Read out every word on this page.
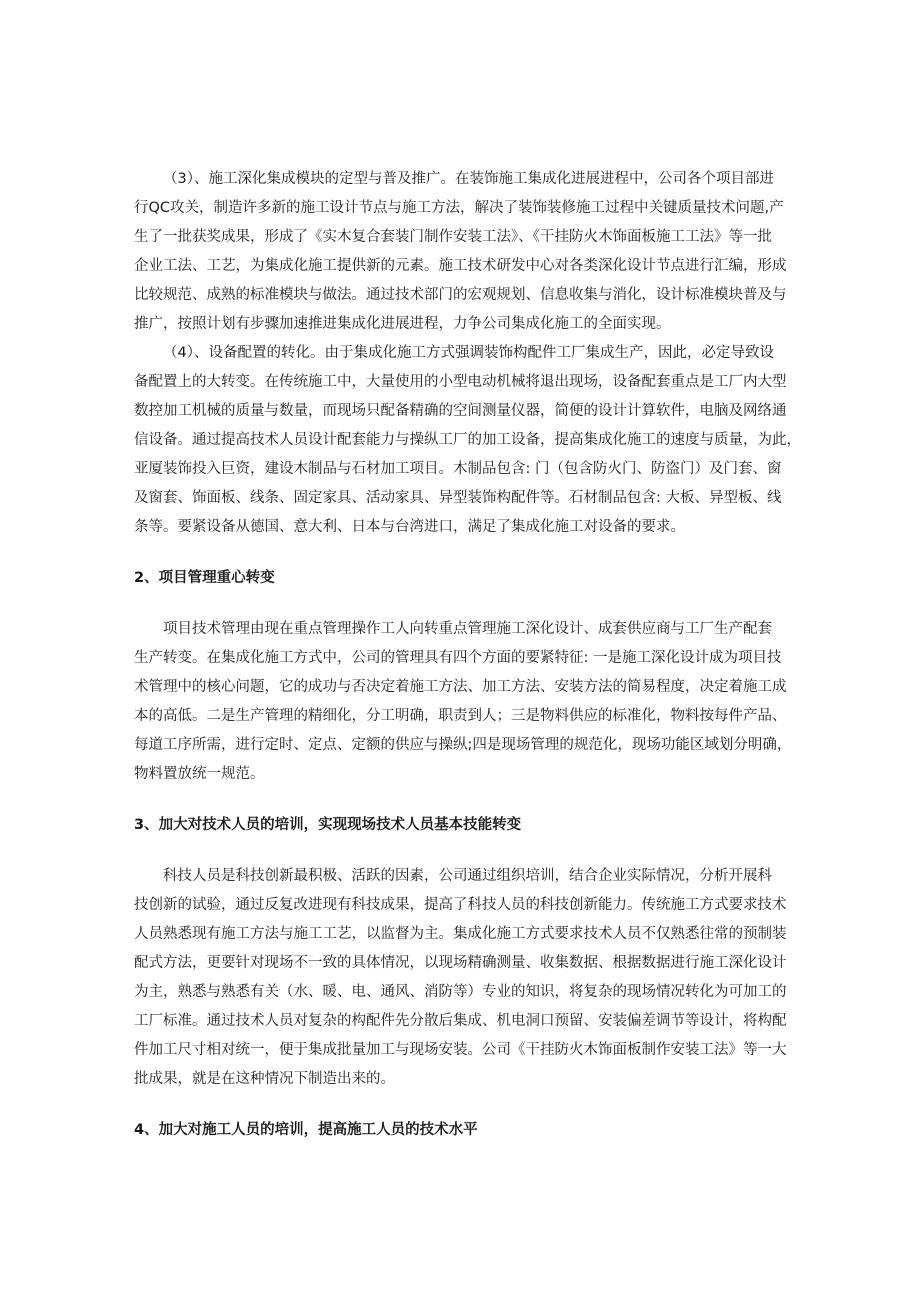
（3）、施工深化集成模块的定型与普及推广。在装饰施工集成化进展进程中，公司各个项目部进
行QC攻关，制造许多新的施工设计节点与施工方法，解决了装饰装修施工过程中关键质量技术问题,产
生了一批获奖成果，形成了《实木复合套装门制作安装工法》、《干挂防火木饰面板施工工法》等一批
企业工法、工艺，为集成化施工提供新的元素。施工技术研发中心对各类深化设计节点进行汇编，形成
比较规范、成熟的标准模块与做法。通过技术部门的宏观规划、信息收集与消化，设计标准模块普及与
推广，按照计划有步骤加速推进集成化进展进程，力争公司集成化施工的全面实现。
（4）、设备配置的转化。由于集成化施工方式强调装饰构配件工厂集成生产，因此，必定导致设
备配置上的大转变。在传统施工中，大量使用的小型电动机械将退出现场，设备配套重点是工厂内大型
数控加工机械的质量与数量，而现场只配备精确的空间测量仪器，简便的设计计算软件，电脑及网络通
信设备。通过提高技术人员设计配套能力与操纵工厂的加工设备，提高集成化施工的速度与质量，为此，
亚厦装饰投入巨资，建设木制品与石材加工项目。木制品包含: 门（包含防火门、防盗门）及门套、窗
及窗套、饰面板、线条、固定家具、活动家具、异型装饰构配件等。石材制品包含: 大板、异型板、线
条等。要紧设备从德国、意大利、日本与台湾进口，满足了集成化施工对设备的要求。
2、项目管理重心转变
项目技术管理由现在重点管理操作工人向转重点管理施工深化设计、成套供应商与工厂生产配套
生产转变。在集成化施工方式中，公司的管理具有四个方面的要紧特征: 一是施工深化设计成为项目技
术管理中的核心问题，它的成功与否决定着施工方法、加工方法、安装方法的简易程度，决定着施工成
本的高低。二是生产管理的精细化，分工明确，职责到人；三是物料供应的标准化，物料按每件产品、
每道工序所需，进行定时、定点、定额的供应与操纵;四是现场管理的规范化，现场功能区域划分明确，
物料置放统一规范。
3、加大对技术人员的培训，实现现场技术人员基本技能转变
科技人员是科技创新最积极、活跃的因素，公司通过组织培训，结合企业实际情况，分析开展科
技创新的试验，通过反复改进现有科技成果，提高了科技人员的科技创新能力。传统施工方式要求技术
人员熟悉现有施工方法与施工工艺，以监督为主。集成化施工方式要求技术人员不仅熟悉往常的预制装
配式方法，更要针对现场不一致的具体情况，以现场精确测量、收集数据、根据数据进行施工深化设计
为主，熟悉与熟悉有关（水、暖、电、通风、消防等）专业的知识，将复杂的现场情况转化为可加工的
工厂标准。通过技术人员对复杂的构配件先分散后集成、机电洞口预留、安装偏差调节等设计，将构配
件加工尺寸相对统一，便于集成批量加工与现场安装。公司《干挂防火木饰面板制作安装工法》等一大
批成果，就是在这种情况下制造出来的。
4、加大对施工人员的培训，提高施工人员的技术水平
